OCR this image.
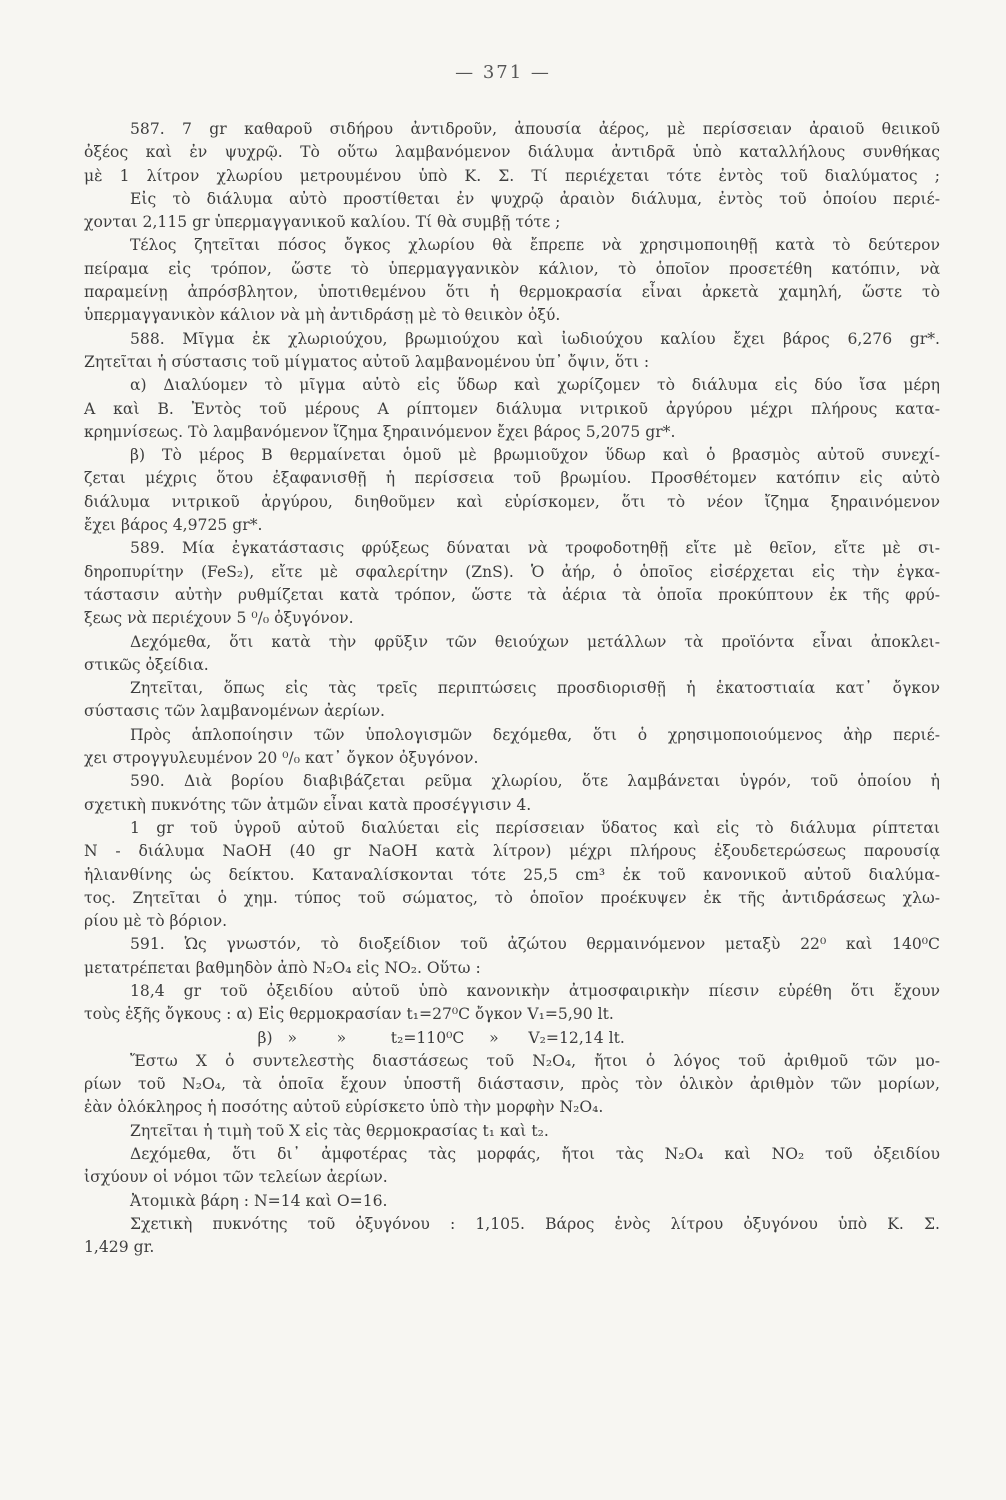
— 371 —
587. 7 gr καθαροῦ σιδήρου ἀντιδροῦν, ἀπουσία ἀέρος, μὲ περίσσειαν ἀραιοῦ θειικοῦ
ὀξέος καὶ ἐν ψυχρῷ. Τὸ οὕτω λαμβανόμενον διάλυμα ἀντιδρᾶ ὑπὸ καταλλήλους συνθήκας
μὲ 1 λίτρον χλωρίου μετρουμένου ὑπὸ Κ. Σ. Τί περιέχεται τότε ἐντὸς τοῦ διαλύματος ;
Εἰς τὸ διάλυμα αὐτὸ προστίθεται ἐν ψυχρῷ ἀραιὸν διάλυμα, ἐντὸς τοῦ ὁποίου περιέ-
χονται 2,115 gr ὑπερμαγγανικοῦ καλίου. Τί θὰ συμβῇ τότε ;
Τέλος ζητεῖται πόσος ὄγκος χλωρίου θὰ ἔπρεπε νὰ χρησιμοποιηθῇ κατὰ τὸ δεύτερον
πείραμα εἰς τρόπον, ὥστε τὸ ὑπερμαγγανικὸν κάλιον, τὸ ὁποῖον προσετέθη κατόπιν, νὰ
παραμείνῃ ἀπρόσβλητον, ὑποτιθεμένου ὅτι ἡ θερμοκρασία εἶναι ἀρκετὰ χαμηλή, ὥστε τὸ
ὑπερμαγγανικὸν κάλιον νὰ μὴ ἀντιδράσῃ μὲ τὸ θειικὸν ὀξύ.
588. Μῖγμα ἐκ χλωριούχου, βρωμιούχου καὶ ἰωδιούχου καλίου ἔχει βάρος 6,276 gr*.
Ζητεῖται ἡ σύστασις τοῦ μίγματος αὐτοῦ λαμβανομένου ὑπ᾽ ὄψιν, ὅτι :
α) Διαλύομεν τὸ μῖγμα αὐτὸ εἰς ὕδωρ καὶ χωρίζομεν τὸ διάλυμα εἰς δύο ἴσα μέρη
Α καὶ Β. Ἐντὸς τοῦ μέρους Α ρίπτομεν διάλυμα νιτρικοῦ ἀργύρου μέχρι πλήρους κατα-
κρημνίσεως. Τὸ λαμβανόμενον ἴζημα ξηραινόμενον ἔχει βάρος 5,2075 gr*.
β) Τὸ μέρος Β θερμαίνεται ὁμοῦ μὲ βρωμιοῦχον ὕδωρ καὶ ὁ βρασμὸς αὐτοῦ συνεχί-
ζεται μέχρις ὅτου ἐξαφανισθῇ ἡ περίσσεια τοῦ βρωμίου. Προσθέτομεν κατόπιν εἰς αὐτὸ
διάλυμα νιτρικοῦ ἀργύρου, διηθοῦμεν καὶ εὑρίσκομεν, ὅτι τὸ νέον ἴζημα ξηραινόμενον
ἔχει βάρος 4,9725 gr*.
589. Μία ἐγκατάστασις φρύξεως δύναται νὰ τροφοδοτηθῇ εἴτε μὲ θεῖον, εἴτε μὲ σι-
δηροπυρίτην (FeS₂), εἴτε μὲ σφαλερίτην (ZnS). Ὁ ἀήρ, ὁ ὁποῖος εἰσέρχεται εἰς τὴν ἐγκα-
τάστασιν αὐτὴν ρυθμίζεται κατὰ τρόπον, ὥστε τὰ ἀέρια τὰ ὁποῖα προκύπτουν ἐκ τῆς φρύ-
ξεως νὰ περιέχουν 5 ⁰/₀ ὀξυγόνον.
Δεχόμεθα, ὅτι κατὰ τὴν φρῦξιν τῶν θειούχων μετάλλων τὰ προϊόντα εἶναι ἀποκλει-
στικῶς ὀξείδια.
Ζητεῖται, ὅπως εἰς τὰς τρεῖς περιπτώσεις προσδιορισθῇ ἡ ἑκατοστιαία κατ᾽ ὄγκον
σύστασις τῶν λαμβανομένων ἀερίων.
Πρὸς ἁπλοποίησιν τῶν ὑπολογισμῶν δεχόμεθα, ὅτι ὁ χρησιμοποιούμενος ἀὴρ περιέ-
χει στρογγυλευμένον 20 ⁰/₀ κατ᾽ ὄγκον ὀξυγόνον.
590. Διὰ βορίου διαβιβάζεται ρεῦμα χλωρίου, ὅτε λαμβάνεται ὑγρόν, τοῦ ὁποίου ἡ
σχετικὴ πυκνότης τῶν ἀτμῶν εἶναι κατὰ προσέγγισιν 4.
1 gr τοῦ ὑγροῦ αὐτοῦ διαλύεται εἰς περίσσειαν ὕδατος καὶ εἰς τὸ διάλυμα ρίπτεται
N - διάλυμα NaOH (40 gr NaOH κατὰ λίτρον) μέχρι πλήρους ἐξουδετερώσεως παρουσίᾳ
ἡλιανθίνης ὡς δείκτου. Καταναλίσκονται τότε 25,5 cm³ ἐκ τοῦ κανονικοῦ αὐτοῦ διαλύμα-
τος. Ζητεῖται ὁ χημ. τύπος τοῦ σώματος, τὸ ὁποῖον προέκυψεν ἐκ τῆς ἀντιδράσεως χλω-
ρίου μὲ τὸ βόριον.
591. Ὡς γνωστόν, τὸ διοξείδιον τοῦ ἀζώτου θερμαινόμενον μεταξὺ 22⁰ καὶ 140⁰C
μετατρέπεται βαθμηδὸν ἀπὸ N₂O₄ εἰς NO₂. Οὕτω :
18,4 gr τοῦ ὀξειδίου αὐτοῦ ὑπὸ κανονικὴν ἀτμοσφαιρικὴν πίεσιν εὑρέθη ὅτι ἔχουν
τοὺς ἑξῆς ὄγκους : α) Εἰς θερμοκρασίαν t₁=27⁰C ὄγκον V₁=5,90 lt.
β)   »        »         t₂=110⁰C     »      V₂=12,14 lt.
Ἔστω Χ ὁ συντελεστὴς διαστάσεως τοῦ N₂O₄, ἤτοι ὁ λόγος τοῦ ἀριθμοῦ τῶν μο-
ρίων τοῦ N₂O₄, τὰ ὁποῖα ἔχουν ὑποστῆ διάστασιν, πρὸς τὸν ὁλικὸν ἀριθμὸν τῶν μορίων,
ἐὰν ὁλόκληρος ἡ ποσότης αὐτοῦ εὑρίσκετο ὑπὸ τὴν μορφὴν N₂O₄.
Ζητεῖται ἡ τιμὴ τοῦ Χ εἰς τὰς θερμοκρασίας t₁ καὶ t₂.
Δεχόμεθα, ὅτι δι᾽ ἀμφοτέρας τὰς μορφάς, ἤτοι τὰς N₂O₄ καὶ NO₂ τοῦ ὀξειδίου
ἰσχύουν οἱ νόμοι τῶν τελείων ἀερίων.
Ἀτομικὰ βάρη : N=14 καὶ O=16.
Σχετικὴ πυκνότης τοῦ ὀξυγόνου : 1,105. Βάρος ἑνὸς λίτρου ὀξυγόνου ὑπὸ Κ. Σ.
1,429 gr.
